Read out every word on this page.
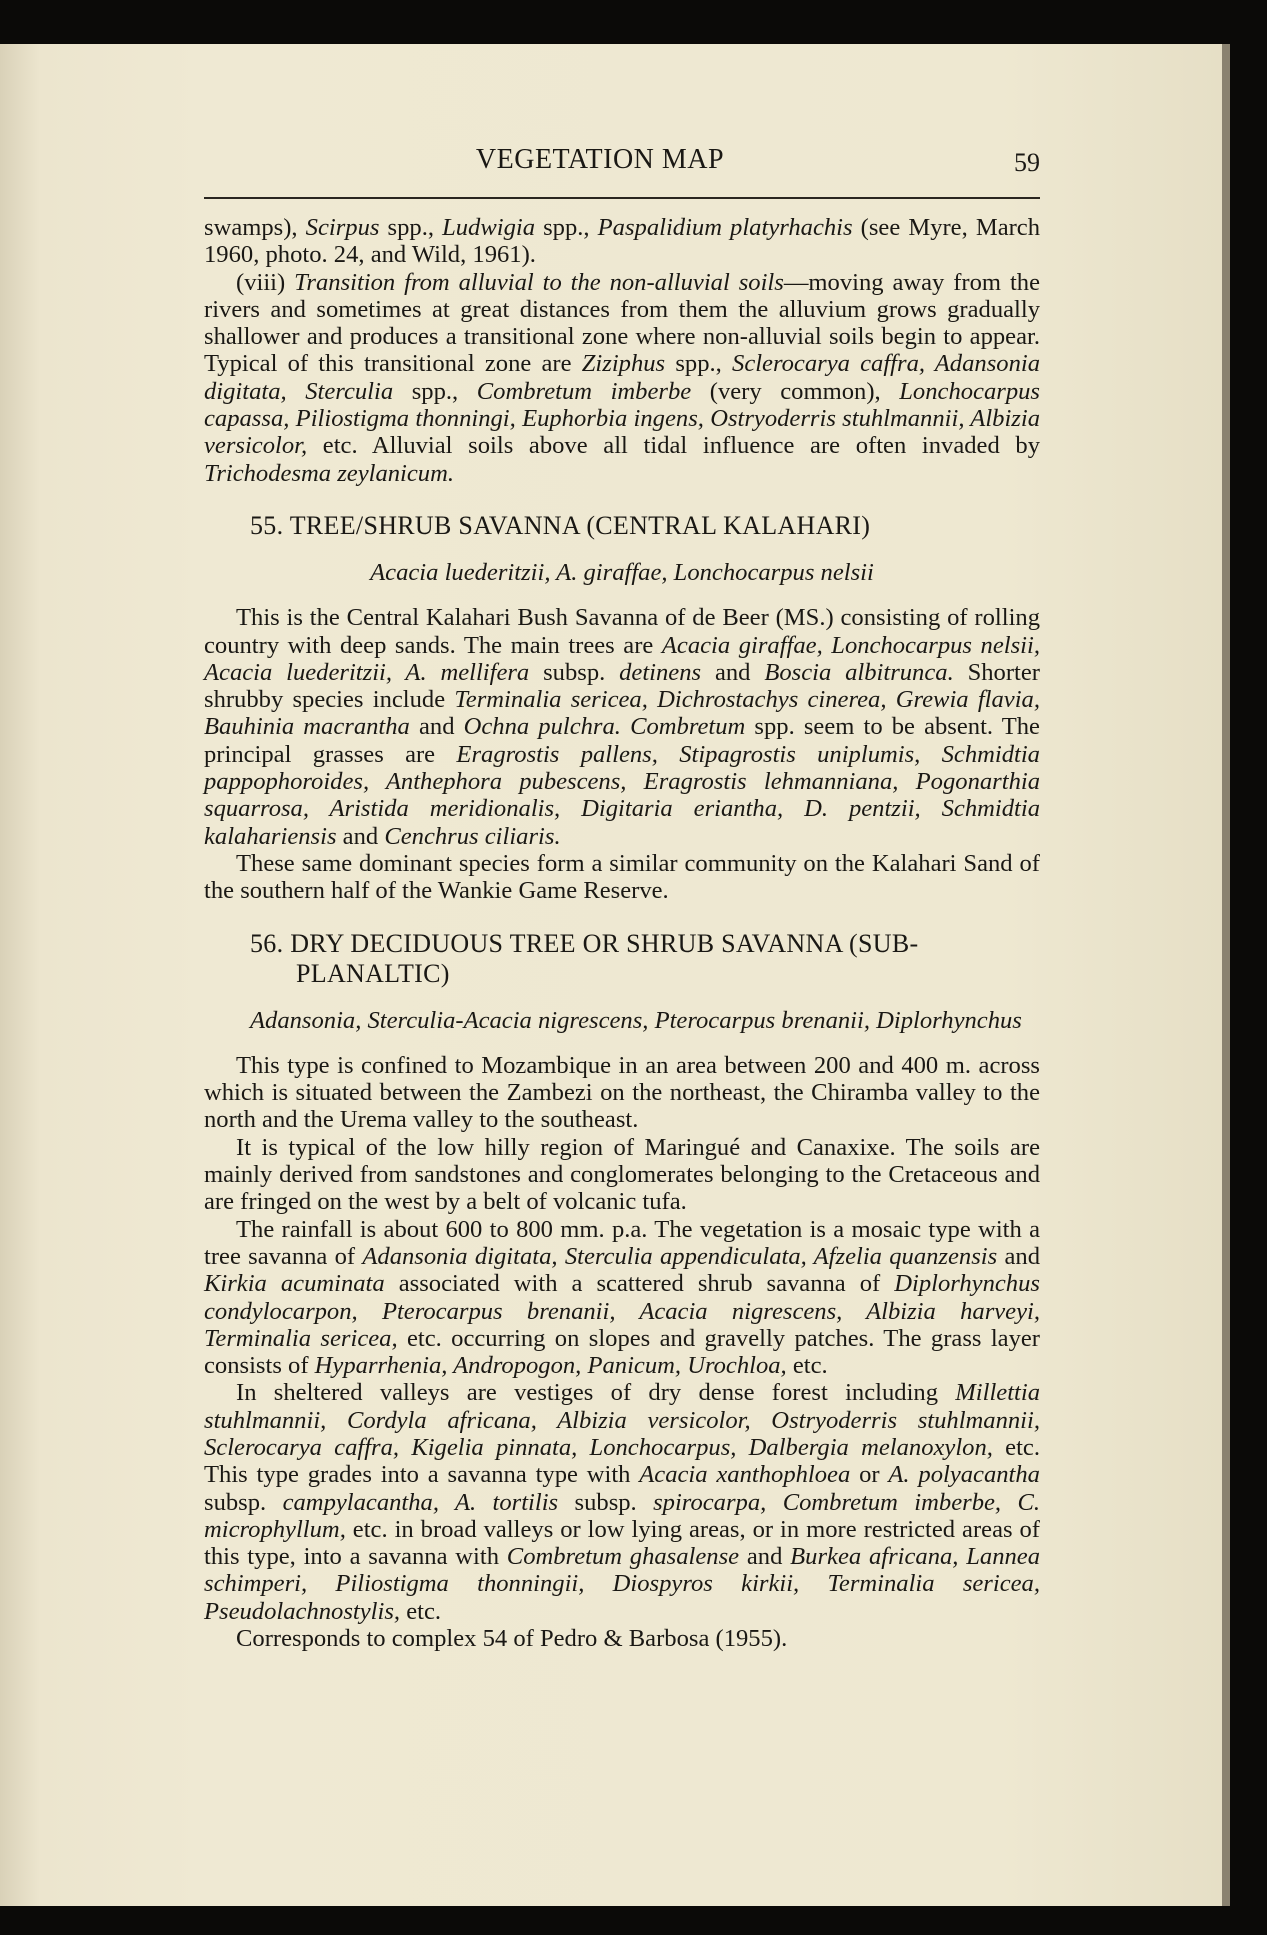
VEGETATION MAP	59

swamps), Scirpus spp., Ludwigia spp., Paspalidium platyrhachis (see Myre, March 1960, photo. 24, and Wild, 1961).

(viii) Transition from alluvial to the non-alluvial soils—moving away from the rivers and sometimes at great distances from them the alluvium grows gradually shallower and produces a transitional zone where non-alluvial soils begin to appear. Typical of this transitional zone are Ziziphus spp., Sclerocarya caffra, Adansonia digitata, Sterculia spp., Combretum imberbe (very common), Lonchocarpus capassa, Piliostigma thonningi, Euphorbia ingens, Ostryoderris stuhlmannii, Albizia versicolor, etc. Alluvial soils above all tidal influence are often invaded by Trichodesma zeylanicum.

55. TREE/SHRUB SAVANNA (CENTRAL KALAHARI)

Acacia luederitzii, A. giraffae, Lonchocarpus nelsii

This is the Central Kalahari Bush Savanna of de Beer (MS.) consisting of rolling country with deep sands. The main trees are Acacia giraffae, Lonchocarpus nelsii, Acacia luederitzii, A. mellifera subsp. detinens and Boscia albitrunca. Shorter shrubby species include Terminalia sericea, Dichrostachys cinerea, Grewia flavia, Bauhinia macrantha and Ochna pulchra. Combretum spp. seem to be absent. The principal grasses are Eragrostis pallens, Stipagrostis uniplumis, Schmidtia pappophoroides, Anthephora pubescens, Eragrostis lehmanniana, Pogonarthia squarrosa, Aristida meridionalis, Digitaria eriantha, D. pentzii, Schmidtia kalahariensis and Cenchrus ciliaris.

These same dominant species form a similar community on the Kalahari Sand of the southern half of the Wankie Game Reserve.

56. DRY DECIDUOUS TREE OR SHRUB SAVANNA (SUB-PLANALTIC)

Adansonia, Sterculia-Acacia nigrescens, Pterocarpus brenanii, Diplorhynchus

This type is confined to Mozambique in an area between 200 and 400 m. across which is situated between the Zambezi on the northeast, the Chiramba valley to the north and the Urema valley to the southeast.

It is typical of the low hilly region of Maringué and Canaxixe. The soils are mainly derived from sandstones and conglomerates belonging to the Cretaceous and are fringed on the west by a belt of volcanic tufa.

The rainfall is about 600 to 800 mm. p.a. The vegetation is a mosaic type with a tree savanna of Adansonia digitata, Sterculia appendiculata, Afzelia quanzensis and Kirkia acuminata associated with a scattered shrub savanna of Diplorhynchus condylocarpon, Pterocarpus brenanii, Acacia nigrescens, Albizia harveyi, Terminalia sericea, etc. occurring on slopes and gravelly patches. The grass layer consists of Hyparrhenia, Andropogon, Panicum, Urochloa, etc.

In sheltered valleys are vestiges of dry dense forest including Millettia stuhlmannii, Cordyla africana, Albizia versicolor, Ostryoderris stuhlmannii, Sclerocarya caffra, Kigelia pinnata, Lonchocarpus, Dalbergia melanoxylon, etc. This type grades into a savanna type with Acacia xanthophloea or A. polyacantha subsp. campylacantha, A. tortilis subsp. spirocarpa, Combretum imberbe, C. microphyllum, etc. in broad valleys or low lying areas, or in more restricted areas of this type, into a savanna with Combretum ghasalense and Burkea africana, Lannea schimperi, Piliostigma thonningii, Diospyros kirkii, Terminalia sericea, Pseudolachnostylis, etc.

Corresponds to complex 54 of Pedro & Barbosa (1955).
